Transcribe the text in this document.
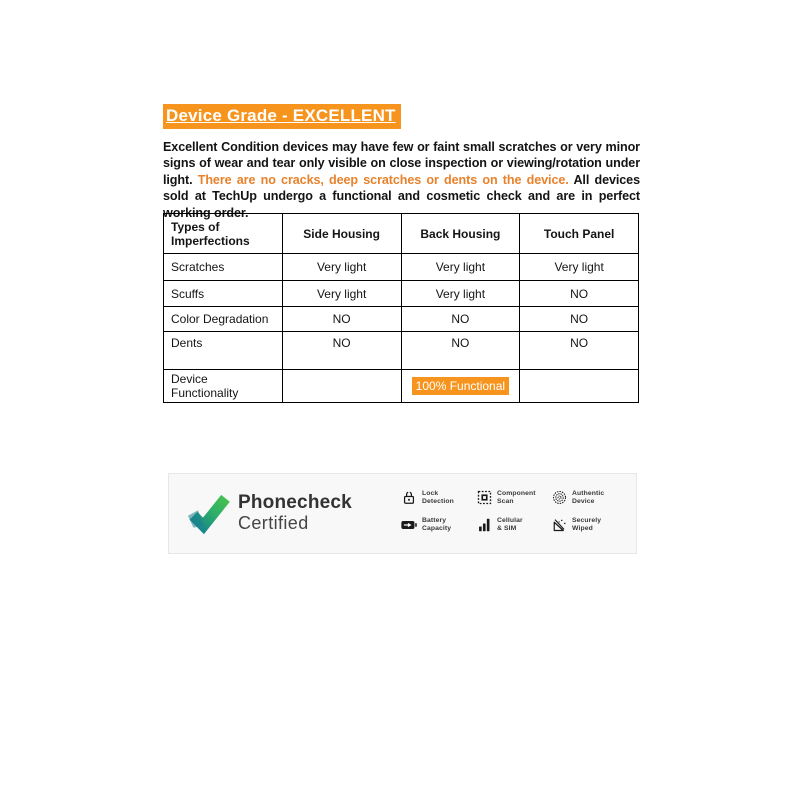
Device Grade - EXCELLENT
Excellent Condition devices may have few or faint small scratches or very minor signs of wear and tear only visible on close inspection or viewing/rotation under light. There are no cracks, deep scratches or dents on the device. All devices sold at TechUp undergo a functional and cosmetic check and are in perfect working order.
Types of Imperfections	Side Housing	Back Housing	Touch Panel
Scratches	Very light	Very light	Very light
Scuffs	Very light	Very light	NO
Color Degradation	NO	NO	NO
Dents	NO	NO	NO
Device Functionality		100% Functional	
Phonecheck
Certified
Lock
Detection
Component
Scan
Authentic
Device
Battery
Capacity
Cellular
& SIM
Securely
Wiped
